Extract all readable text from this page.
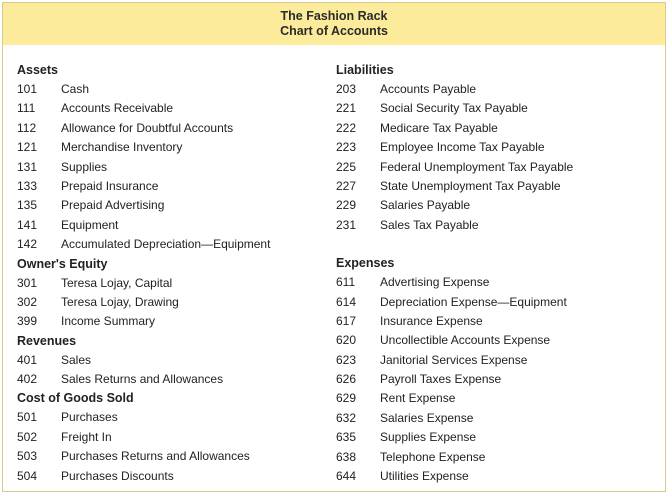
The Fashion Rack
Chart of Accounts
Assets
101	Cash
111	Accounts Receivable
112	Allowance for Doubtful Accounts
121	Merchandise Inventory
131	Supplies
133	Prepaid Insurance
135	Prepaid Advertising
141	Equipment
142	Accumulated Depreciation—Equipment
Owner's Equity
301	Teresa Lojay, Capital
302	Teresa Lojay, Drawing
399	Income Summary
Revenues
401	Sales
402	Sales Returns and Allowances
Cost of Goods Sold
501	Purchases
502	Freight In
503	Purchases Returns and Allowances
504	Purchases Discounts
Liabilities
203	Accounts Payable
221	Social Security Tax Payable
222	Medicare Tax Payable
223	Employee Income Tax Payable
225	Federal Unemployment Tax Payable
227	State Unemployment Tax Payable
229	Salaries Payable
231	Sales Tax Payable
Expenses
611	Advertising Expense
614	Depreciation Expense—Equipment
617	Insurance Expense
620	Uncollectible Accounts Expense
623	Janitorial Services Expense
626	Payroll Taxes Expense
629	Rent Expense
632	Salaries Expense
635	Supplies Expense
638	Telephone Expense
644	Utilities Expense
